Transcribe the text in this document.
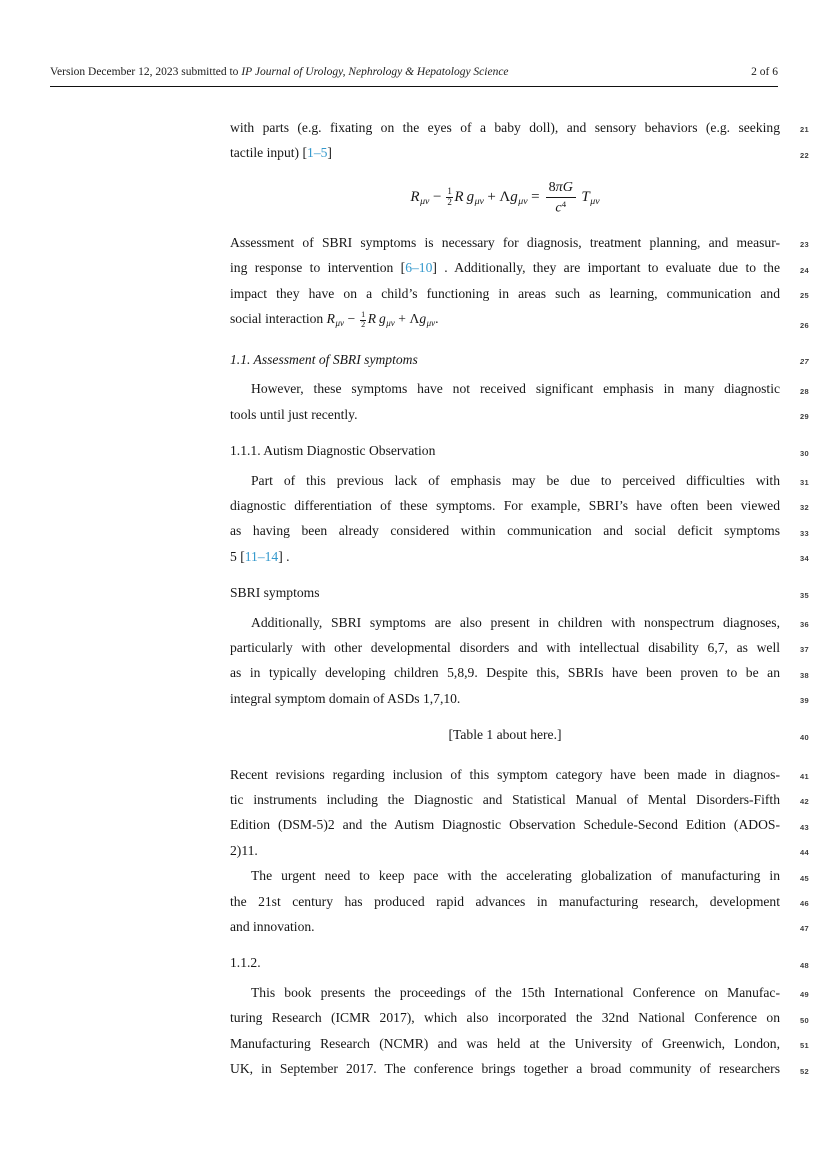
Version December 12, 2023 submitted to IP Journal of Urology, Nephrology & Hepatology Science	2 of 6
with parts (e.g. fixating on the eyes of a baby doll), and sensory behaviors (e.g. seeking	21
tactile input) [1–5]	22
$R\mu\nu - \frac{1}{2}$ R $g\mu\nu + \Lambda g\mu\nu = \frac{8\pi G}{c^4}$ Tμν
Assessment of SBRI symptoms is necessary for diagnosis, treatment planning, and measur-	23
ing response to intervention [6–10] . Additionally, they are important to evaluate due to the	24
impact they have on a child’s functioning in areas such as learning, communication and	25
social interaction $R\mu\nu - \frac{1}{2}$ R gμν + Λgμν.	26
1.1. Assessment of SBRI symptoms	27
However, these symptoms have not received significant emphasis in many diagnostic	28
tools until just recently.	29
1.1.1. Autism Diagnostic Observation	30
Part of this previous lack of emphasis may be due to perceived difficulties with	31
diagnostic differentiation of these symptoms. For example, SBRI’s have often been viewed	32
as having been already considered within communication and social deficit symptoms	33
5 [11–14] .	34
SBRI symptoms	35
Additionally, SBRI symptoms are also present in children with nonspectrum diagnoses,	36
particularly with other developmental disorders and with intellectual disability 6,7, as well	37
as in typically developing children 5,8,9. Despite this, SBRIs have been proven to be an	38
integral symptom domain of ASDs 1,7,10.	39
[Table 1 about here.]	40
Recent revisions regarding inclusion of this symptom category have been made in diagnos-	41
tic instruments including the Diagnostic and Statistical Manual of Mental Disorders-Fifth	42
Edition (DSM-5)2 and the Autism Diagnostic Observation Schedule-Second Edition (ADOS-	43
2)11.	44
The urgent need to keep pace with the accelerating globalization of manufacturing in	45
the 21st century has produced rapid advances in manufacturing research, development	46
and innovation.	47
1.1.2.	48
This book presents the proceedings of the 15th International Conference on Manufac-	49
turing Research (ICMR 2017), which also incorporated the 32nd National Conference on	50
Manufacturing Research (NCMR) and was held at the University of Greenwich, London,	51
UK, in September 2017. The conference brings together a broad community of researchers	52
